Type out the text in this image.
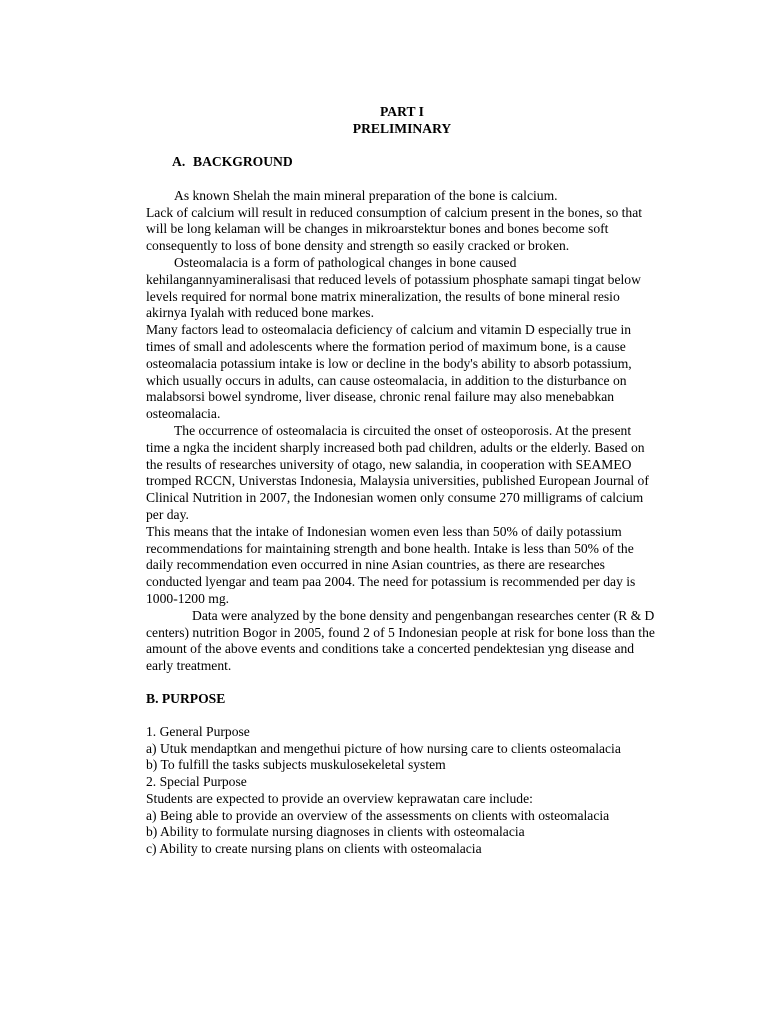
PART I

PRELIMINARY

A. BACKGROUND

As known Shelah the main mineral preparation of the bone is calcium.

Lack of calcium will result in reduced consumption of calcium present in the bones, so that will be long kelaman will be changes in mikroarstektur bones and bones become soft consequently to loss of bone density and strength so easily cracked or broken.

Osteomalacia is a form of pathological changes in bone caused kehilangannyamineralisasi that reduced levels of potassium phosphate samapi tingat below levels required for normal bone matrix mineralization, the results of bone mineral resio akirnya Iyalah with reduced bone markes.

Many factors lead to osteomalacia deficiency of calcium and vitamin D especially true in times of small and adolescents where the formation period of maximum bone, is a cause osteomalacia potassium intake is low or decline in the body's ability to absorb potassium, which usually occurs in adults, can cause osteomalacia, in addition to the disturbance on malabsorsi bowel syndrome, liver disease, chronic renal failure may also menebabkan osteomalacia.

The occurrence of osteomalacia is circuited the onset of osteoporosis. At the present time a ngka the incident sharply increased both pad children, adults or the elderly. Based on the results of researches university of otago, new salandia, in cooperation with SEAMEO tromped RCCN, Universtas Indonesia, Malaysia universities, published European Journal of Clinical Nutrition in 2007, the Indonesian women only consume 270 milligrams of calcium per day.

This means that the intake of Indonesian women even less than 50% of daily potassium recommendations for maintaining strength and bone health. Intake is less than 50% of the daily recommendation even occurred in nine Asian countries, as there are researches conducted lyengar and team paa 2004. The need for potassium is recommended per day is 1000-1200 mg.

Data were analyzed by the bone density and pengenbangan researches center (R & D centers) nutrition Bogor in 2005, found 2 of 5 Indonesian people at risk for bone loss than the amount of the above events and conditions take a concerted pendektesian yng disease and early treatment.

B. PURPOSE

1. General Purpose

a) Utuk mendaptkan and mengethui picture of how nursing care to clients osteomalacia

b) To fulfill the tasks subjects muskulosekeletal system

2. Special Purpose

Students are expected to provide an overview keprawatan care include:

a) Being able to provide an overview of the assessments on clients with osteomalacia

b) Ability to formulate nursing diagnoses in clients with osteomalacia

c) Ability to create nursing plans on clients with osteomalacia
